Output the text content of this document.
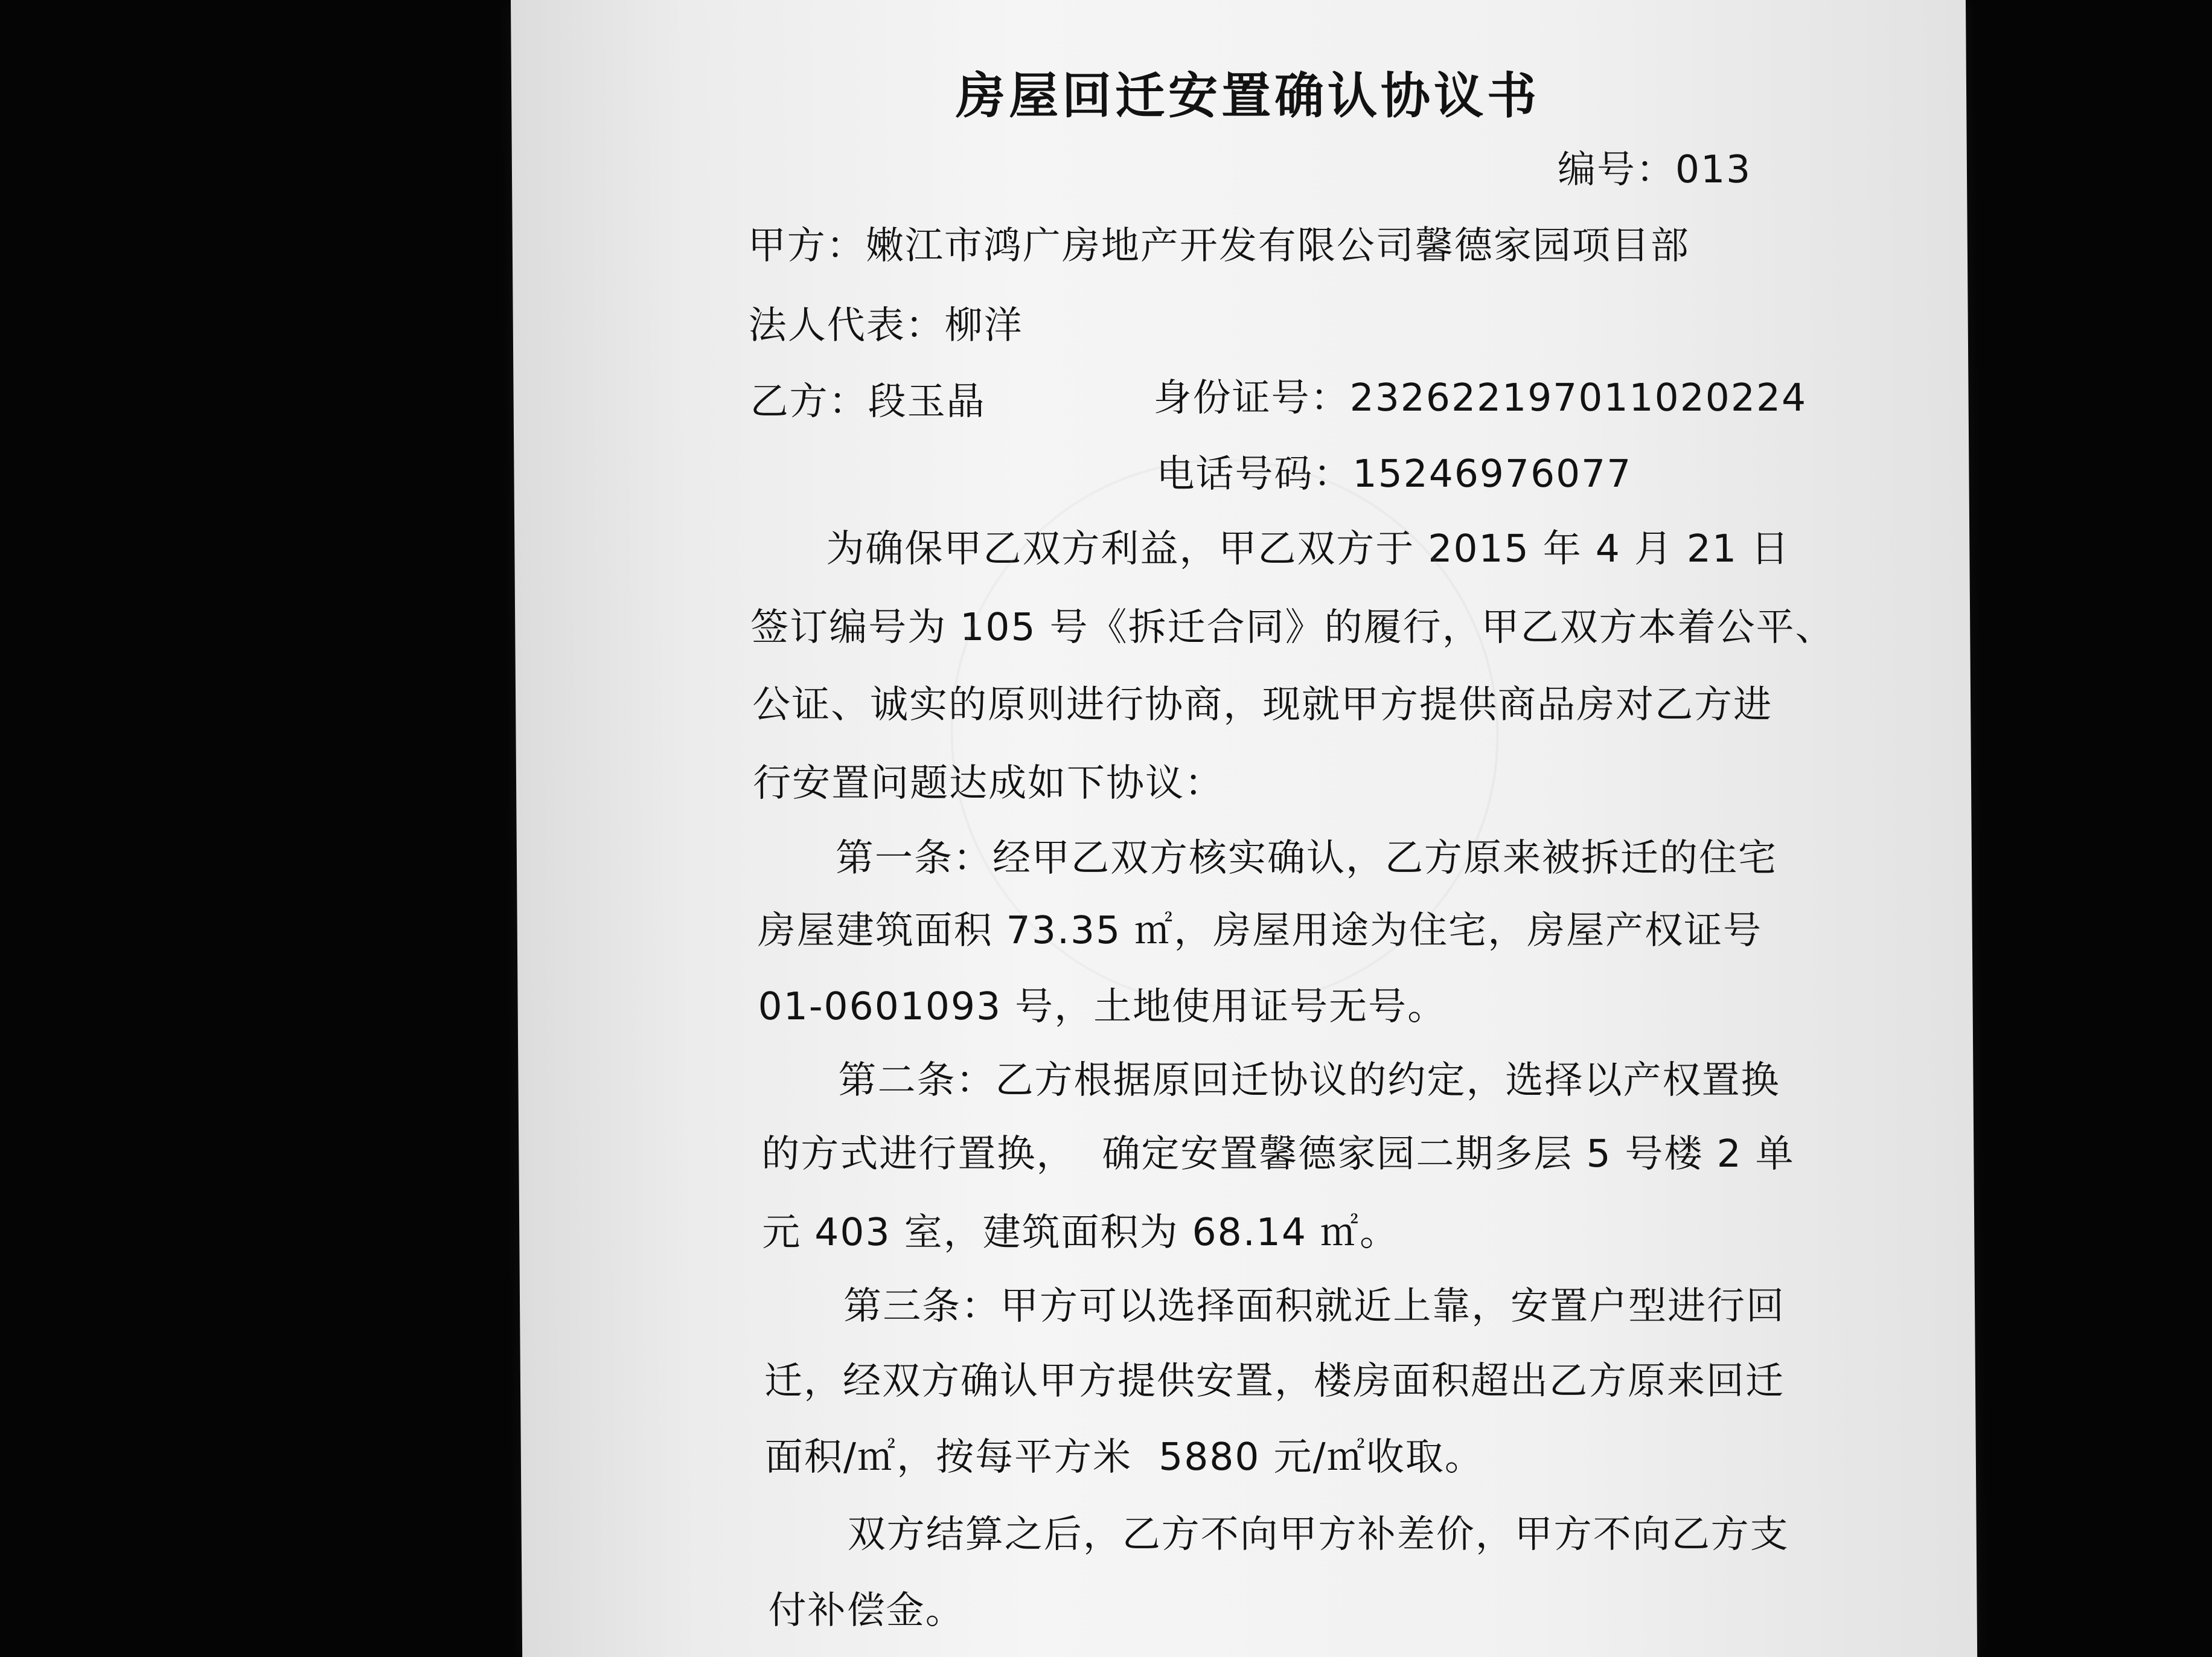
房屋回迁安置确认协议书
编号：013
甲方：嫩江市鸿广房地产开发有限公司馨德家园项目部
法人代表：柳洋
乙方：段玉晶	身份证号：232622197011020224
电话号码：15246976077
为确保甲乙双方利益，甲乙双方于 2015 年 4 月 21 日
签订编号为 105 号《拆迁合同》的履行，甲乙双方本着公平、
公证、诚实的原则进行协商，现就甲方提供商品房对乙方进
行安置问题达成如下协议：
第一条：经甲乙双方核实确认，乙方原来被拆迁的住宅
房屋建筑面积 73.35 ㎡，房屋用途为住宅，房屋产权证号
01-0601093 号，土地使用证号无号。
第二条：乙方根据原回迁协议的约定，选择以产权置换
的方式进行置换，  确定安置馨德家园二期多层 5 号楼 2 单
元 403 室，建筑面积为 68.14 ㎡。
第三条：甲方可以选择面积就近上靠，安置户型进行回
迁，经双方确认甲方提供安置，楼房面积超出乙方原来回迁
面积/㎡，按每平方米  5880 元/㎡收取。
双方结算之后，乙方不向甲方补差价，甲方不向乙方支
付补偿金。
